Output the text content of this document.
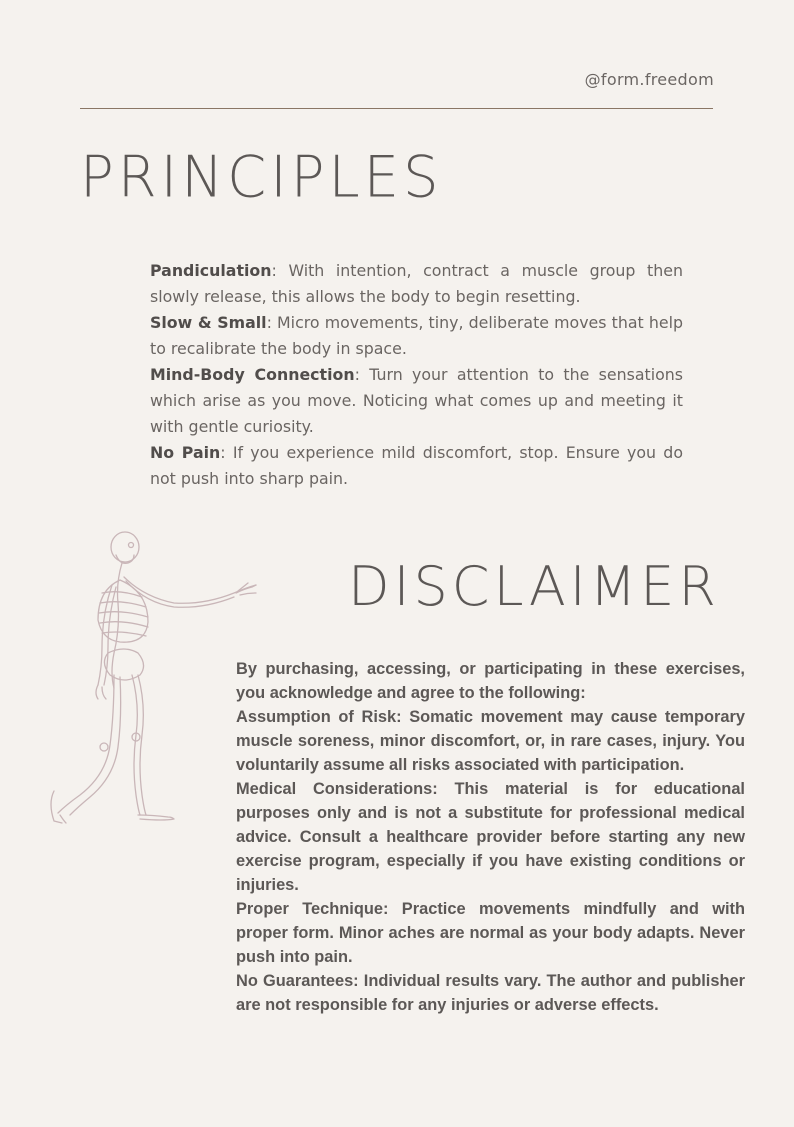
@form.freedom
PRINCIPLES

Pandiculation: With intention, contract a muscle group then slowly release, this allows the body to begin resetting.

Slow & Small: Micro movements, tiny, deliberate moves that help to recalibrate the body in space.

Mind-Body Connection: Turn your attention to the sensations which arise as you move. Noticing what comes up and meeting it with gentle curiosity.

No Pain: If you experience mild discomfort, stop. Ensure you do not push into sharp pain.

DISCLAIMER

By purchasing, accessing, or participating in these exercises, you acknowledge and agree to the following:

Assumption of Risk: Somatic movement may cause temporary muscle soreness, minor discomfort, or, in rare cases, injury. You voluntarily assume all risks associated with participation.

Medical Considerations: This material is for educational purposes only and is not a substitute for professional medical advice. Consult a healthcare provider before starting any new exercise program, especially if you have existing conditions or injuries.

Proper Technique: Practice movements mindfully and with proper form. Minor aches are normal as your body adapts. Never push into pain.

No Guarantees: Individual results vary. The author and publisher are not responsible for any injuries or adverse effects.
